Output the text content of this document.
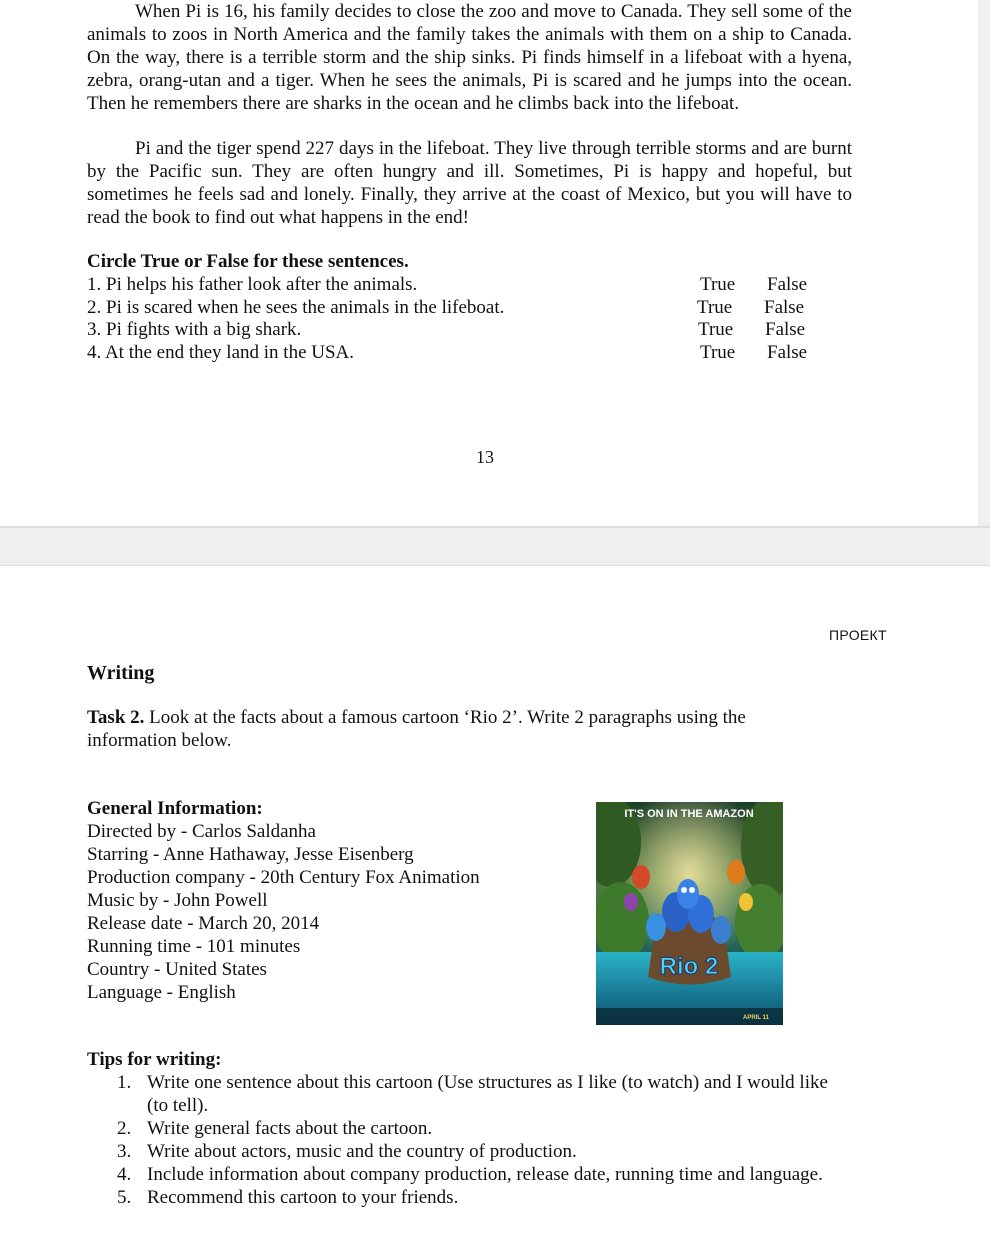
When Pi is 16, his family decides to close the zoo and move to Canada. They sell some of the animals to zoos in North America and the family takes the animals with them on a ship to Canada. On the way, there is a terrible storm and the ship sinks. Pi finds himself in a lifeboat with a hyena, zebra, orang-utan and a tiger. When he sees the animals, Pi is scared and he jumps into the ocean. Then he remembers there are sharks in the ocean and he climbs back into the lifeboat.

Pi and the tiger spend 227 days in the lifeboat. They live through terrible storms and are burnt by the Pacific sun. They are often hungry and ill. Sometimes, Pi is happy and hopeful, but sometimes he feels sad and lonely. Finally, they arrive at the coast of Mexico, but you will have to read the book to find out what happens in the end!

Circle True or False for these sentences.
1. Pi helps his father look after the animals.	True False
2. Pi is scared when he sees the animals in the lifeboat.	True False
3. Pi fights with a big shark.	True False
4. At the end they land in the USA.	True False
13
ПРОЕКТ
Writing

Task 2. Look at the facts about a famous cartoon ‘Rio 2’. Write 2 paragraphs using the information below.

General Information:
Directed by - Carlos Saldanha
Starring - Anne Hathaway, Jesse Eisenberg
Production company - 20th Century Fox Animation
Music by - John Powell
Release date - March 20, 2014
Running time - 101 minutes
Country - United States
Language - English
IT'S ON IN THE AMAZON
Rio 2
APRIL 11
Tips for writing:
1. Write one sentence about this cartoon (Use structures as I like (to watch) and I would like (to tell).
2. Write general facts about the cartoon.
3. Write about actors, music and the country of production.
4. Include information about company production, release date, running time and language.
5. Recommend this cartoon to your friends.
